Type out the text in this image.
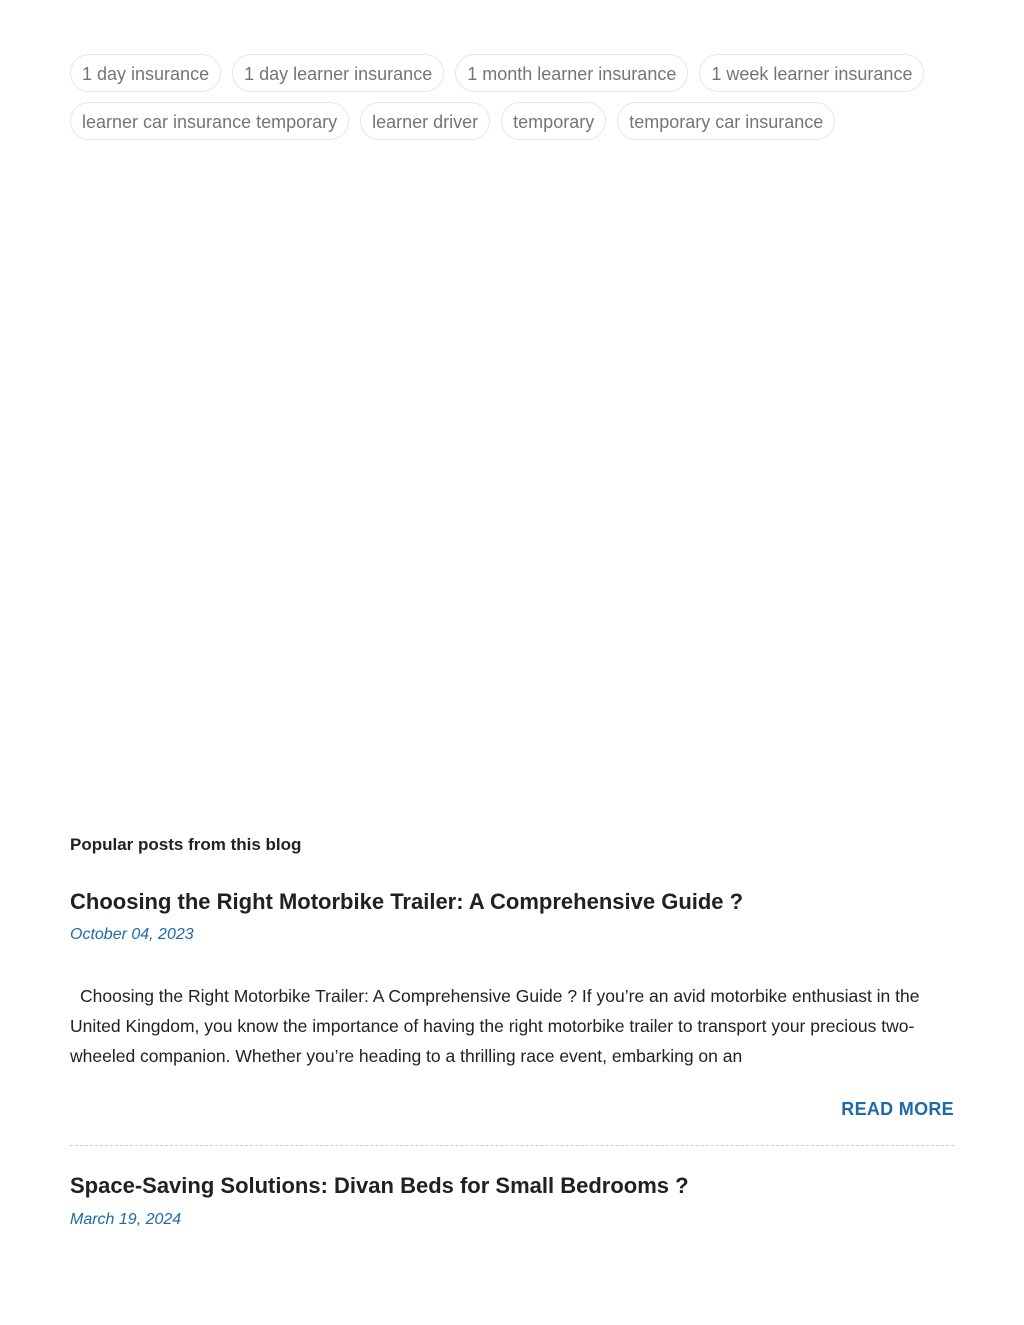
1 day insurance	1 day learner insurance	1 month learner insurance	1 week learner insurance
learner car insurance temporary	learner driver	temporary	temporary car insurance
Popular posts from this blog
Choosing the Right Motorbike Trailer: A Comprehensive Guide ?
October 04, 2023

Choosing the Right Motorbike Trailer: A Comprehensive Guide ? If you’re an avid motorbike enthusiast in the United Kingdom, you know the importance of having the right motorbike trailer to transport your precious two-wheeled companion. Whether you’re heading to a thrilling race event, embarking on an

READ MORE
Space-Saving Solutions: Divan Beds for Small Bedrooms ?
March 19, 2024
